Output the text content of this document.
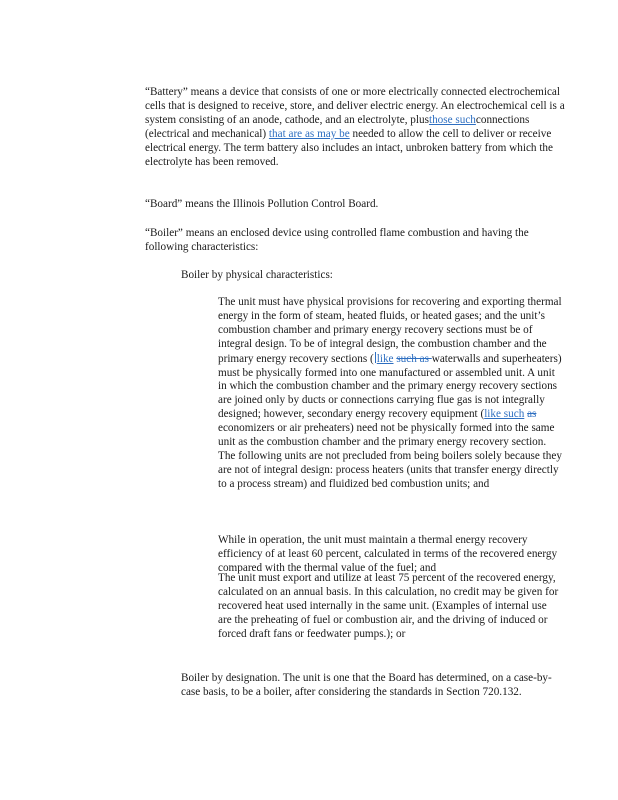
“Battery” means a device that consists of one or more electrically connected electrochemical cells that is designed to receive, store, and deliver electric energy. An electrochemical cell is a system consisting of an anode, cathode, and an electrolyte, plusthose suchconnections (electrical and mechanical) that are as may be needed to allow the cell to deliver or receive electrical energy. The term battery also includes an intact, unbroken battery from which the electrolyte has been removed.

“Board” means the Illinois Pollution Control Board.

“Boiler” means an enclosed device using controlled flame combustion and having the following characteristics:

Boiler by physical characteristics:

The unit must have physical provisions for recovering and exporting thermal energy in the form of steam, heated fluids, or heated gases; and the unit’s combustion chamber and primary energy recovery sections must be of integral design. To be of integral design, the combustion chamber and the primary energy recovery sections ( like such as waterwalls and superheaters) must be physically formed into one manufactured or assembled unit. A unit in which the combustion chamber and the primary energy recovery sections are joined only by ducts or connections carrying flue gas is not integrally designed; however, secondary energy recovery equipment (like such as economizers or air preheaters) need not be physically formed into the same unit as the combustion chamber and the primary energy recovery section. The following units are not precluded from being boilers solely because they are not of integral design: process heaters (units that transfer energy directly to a process stream) and fluidized bed combustion units; and

While in operation, the unit must maintain a thermal energy recovery efficiency of at least 60 percent, calculated in terms of the recovered energy compared with the thermal value of the fuel; and

The unit must export and utilize at least 75 percent of the recovered energy, calculated on an annual basis. In this calculation, no credit may be given for recovered heat used internally in the same unit. (Examples of internal use are the preheating of fuel or combustion air, and the driving of induced or forced draft fans or feedwater pumps.); or

Boiler by designation. The unit is one that the Board has determined, on a case-by-case basis, to be a boiler, after considering the standards in Section 720.132.
